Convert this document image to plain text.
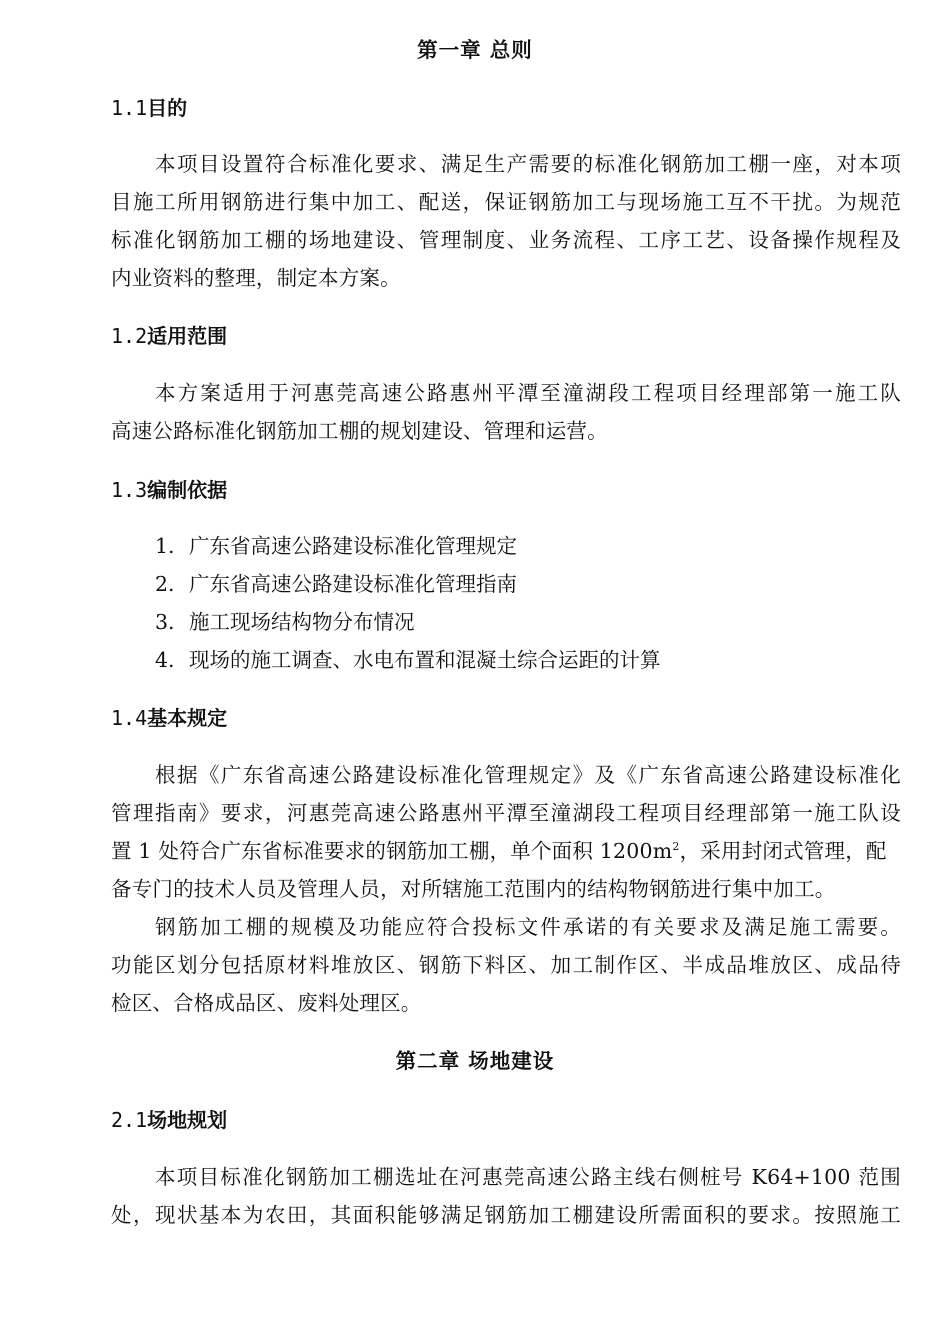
第一章 总则
1.1目的
本项目设置符合标准化要求、满足生产需要的标准化钢筋加工棚一座，对本项
目施工所用钢筋进行集中加工、配送，保证钢筋加工与现场施工互不干扰。为规范
标准化钢筋加工棚的场地建设、管理制度、业务流程、工序工艺、设备操作规程及
内业资料的整理，制定本方案。
1.2适用范围
本方案适用于河惠莞高速公路惠州平潭至潼湖段工程项目经理部第一施工队
高速公路标准化钢筋加工棚的规划建设、管理和运营。
1.3编制依据
1. 广东省高速公路建设标准化管理规定
2. 广东省高速公路建设标准化管理指南
3. 施工现场结构物分布情况
4. 现场的施工调查、水电布置和混凝土综合运距的计算
1.4基本规定
根据《广东省高速公路建设标准化管理规定》及《广东省高速公路建设标准化
管理指南》要求，河惠莞高速公路惠州平潭至潼湖段工程项目经理部第一施工队设
置 1 处符合广东省标准要求的钢筋加工棚，单个面积 $1200m^2$，采用封闭式管理，配
备专门的技术人员及管理人员，对所辖施工范围内的结构物钢筋进行集中加工。
钢筋加工棚的规模及功能应符合投标文件承诺的有关要求及满足施工需要。
功能区划分包括原材料堆放区、钢筋下料区、加工制作区、半成品堆放区、成品待
检区、合格成品区、废料处理区。
第二章 场地建设
2.1场地规划
本项目标准化钢筋加工棚选址在河惠莞高速公路主线右侧桩号 K64+100 范围
处，现状基本为农田，其面积能够满足钢筋加工棚建设所需面积的要求。按照施工
